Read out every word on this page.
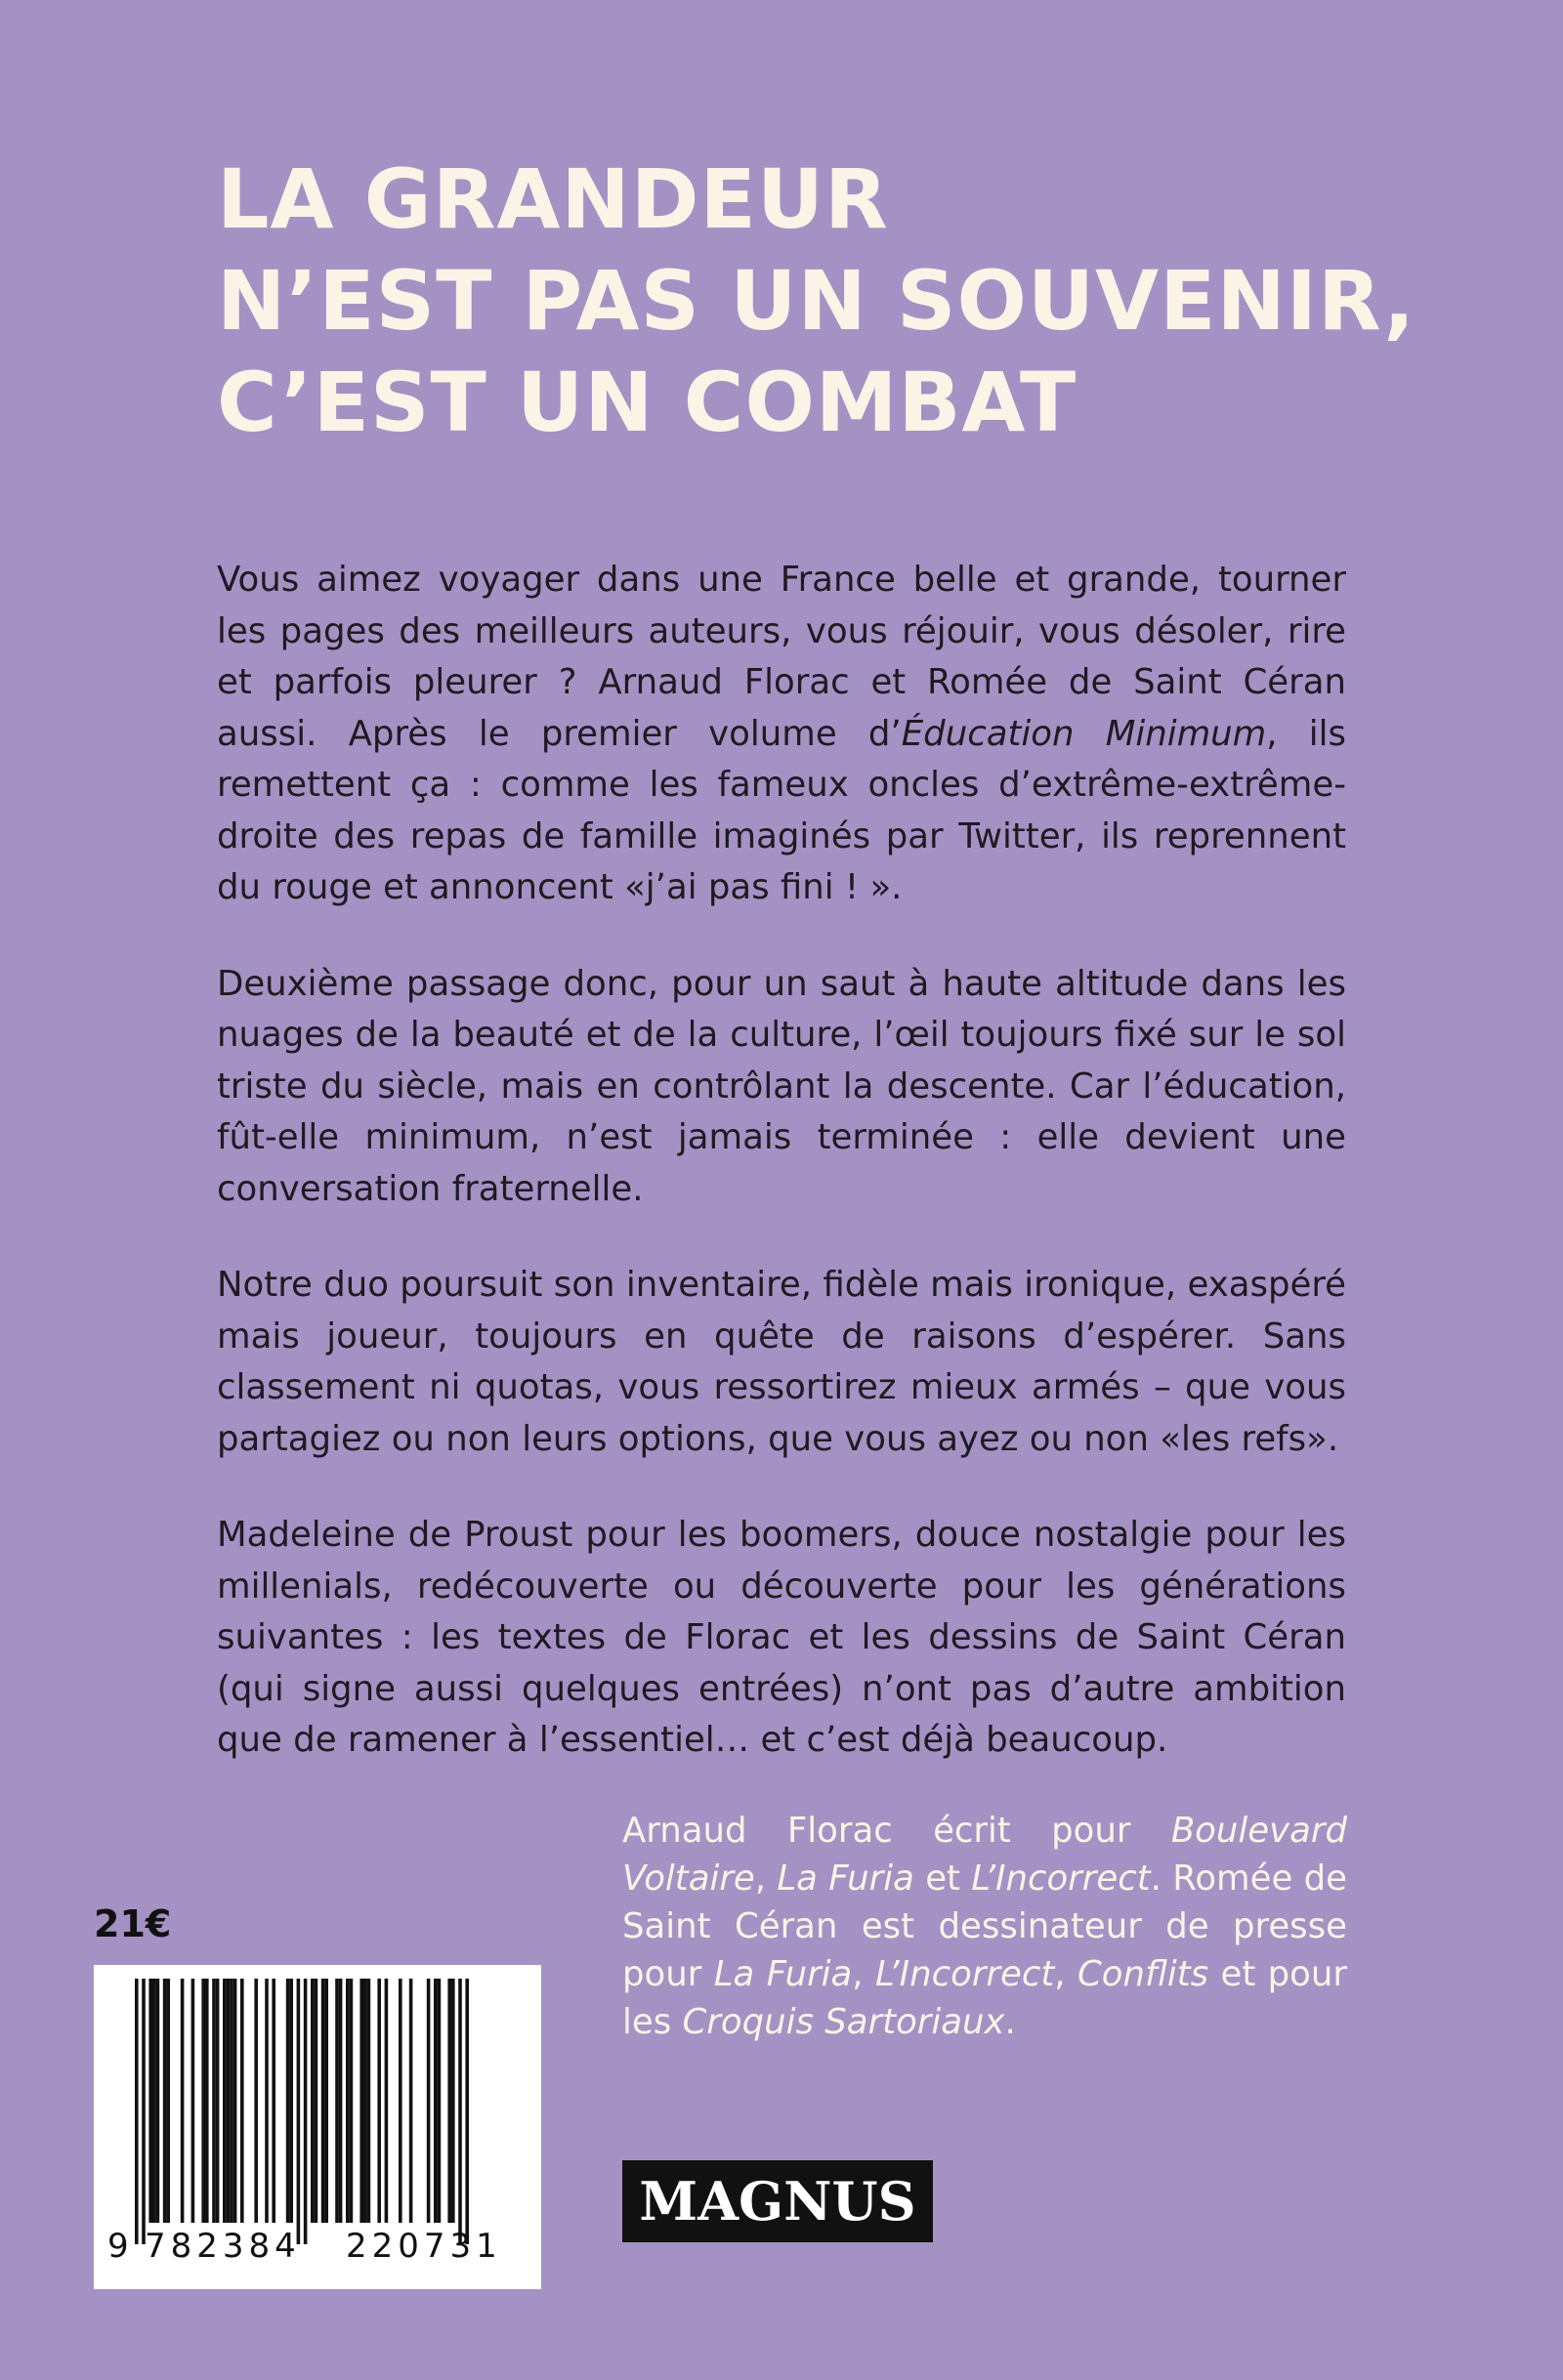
LA GRANDEUR
N’EST PAS UN SOUVENIR,
C’EST UN COMBAT

Vous aimez voyager dans une France belle et grande, tourner les pages des meilleurs auteurs, vous réjouir, vous désoler, rire et parfois pleurer ? Arnaud Florac et Romée de Saint Céran aussi. Après le premier volume d’Éducation Minimum, ils remettent ça : comme les fameux oncles d’extrême-extrême-droite des repas de famille imaginés par Twitter, ils reprennent du rouge et annoncent «j’ai pas fini ! ».

Deuxième passage donc, pour un saut à haute altitude dans les nuages de la beauté et de la culture, l’œil toujours fixé sur le sol triste du siècle, mais en contrôlant la descente. Car l’éducation, fût-elle minimum, n’est jamais terminée : elle devient une conversation fraternelle.

Notre duo poursuit son inventaire, fidèle mais ironique, exaspéré mais joueur, toujours en quête de raisons d’espérer. Sans classement ni quotas, vous ressortirez mieux armés – que vous partagiez ou non leurs options, que vous ayez ou non «les refs».

Madeleine de Proust pour les boomers, douce nostalgie pour les millenials, redécouverte ou découverte pour les générations suivantes : les textes de Florac et les dessins de Saint Céran (qui signe aussi quelques entrées) n’ont pas d’autre ambition que de ramener à l’essentiel… et c’est déjà beaucoup.

Arnaud Florac écrit pour Boulevard Voltaire, La Furia et L’Incorrect. Romée de Saint Céran est dessinateur de presse pour La Furia, L’Incorrect, Conflits et pour les Croquis Sartoriaux.
21€
9 782384 220731
MAGNUS
